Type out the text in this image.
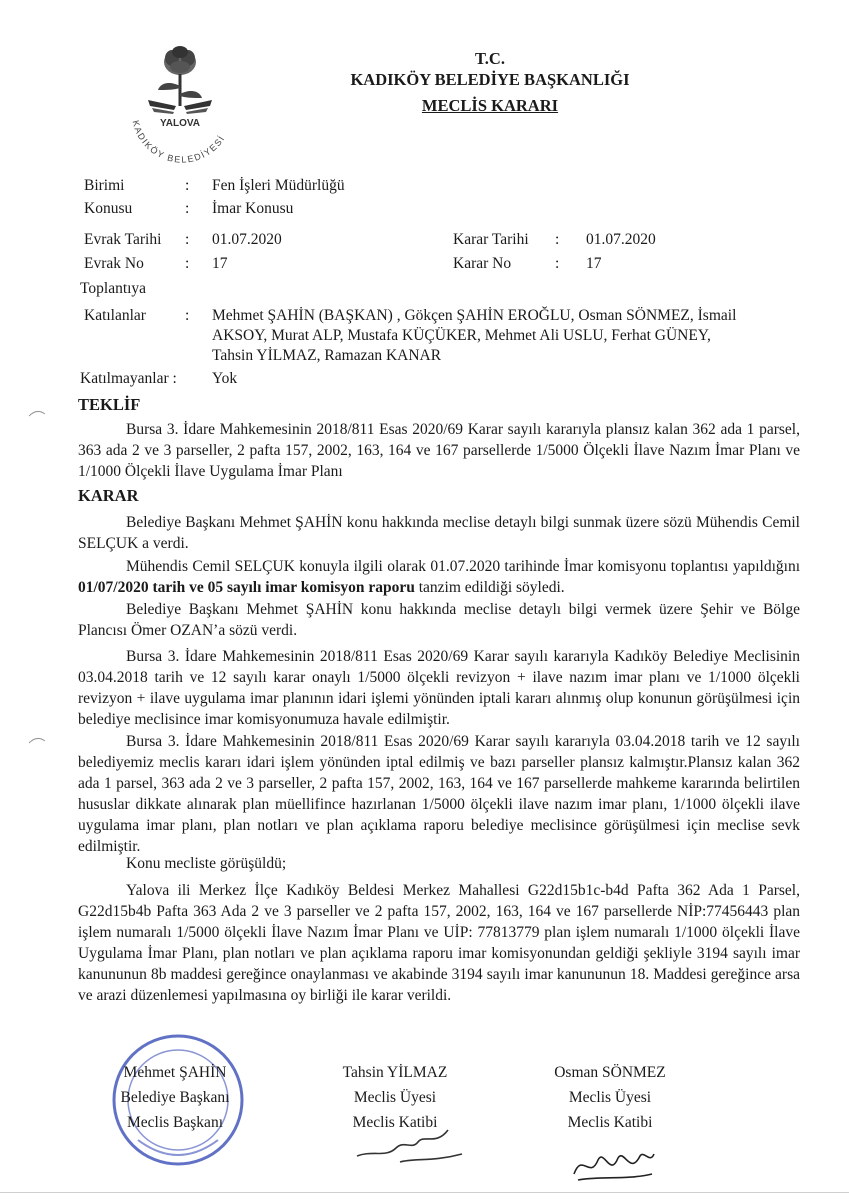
YALOVA
KADIKÖY BELEDİYESİ
T.C.
KADIKÖY BELEDİYE BAŞKANLIĞI
MECLİS KARARI
Birimi	: Fen İşleri Müdürlüğü
Konusu	: İmar Konusu
Evrak Tarihi : 01.07.2020	Karar Tarihi : 01.07.2020
Evrak No	: 17	Karar No	: 17
Toplantıya
Katılanlar	: Mehmet ŞAHİN (BAŞKAN) , Gökçen ŞAHİN EROĞLU, Osman SÖNMEZ, İsmail
AKSOY, Murat ALP, Mustafa KÜÇÜKER, Mehmet Ali USLU, Ferhat GÜNEY,
Tahsin YİLMAZ, Ramazan KANAR
Katılmayanlar : Yok
TEKLİF
Bursa 3. İdare Mahkemesinin 2018/811 Esas 2020/69 Karar sayılı kararıyla plansız kalan 362 ada 1 parsel, 363 ada 2 ve 3 parseller, 2 pafta 157, 2002, 163, 164 ve 167 parsellerde 1/5000 Ölçekli İlave Nazım İmar Planı ve 1/1000 Ölçekli İlave Uygulama İmar Planı
KARAR
Belediye Başkanı Mehmet ŞAHİN konu hakkında meclise detaylı bilgi sunmak üzere sözü Mühendis Cemil SELÇUK a verdi.
Mühendis Cemil SELÇUK konuyla ilgili olarak 01.07.2020 tarihinde İmar komisyonu toplantısı yapıldığını 01/07/2020 tarih ve 05 sayılı imar komisyon raporu tanzim edildiği söyledi.
Belediye Başkanı Mehmet ŞAHİN konu hakkında meclise detaylı bilgi vermek üzere Şehir ve Bölge Plancısı Ömer OZAN’a sözü verdi.
Bursa 3. İdare Mahkemesinin 2018/811 Esas 2020/69 Karar sayılı kararıyla Kadıköy Belediye Meclisinin 03.04.2018 tarih ve 12 sayılı karar onaylı 1/5000 ölçekli revizyon + ilave nazım imar planı ve 1/1000 ölçekli revizyon + ilave uygulama imar planının idari işlemi yönünden iptali kararı alınmış olup konunun görüşülmesi için belediye meclisince imar komisyonumuza havale edilmiştir.
Bursa 3. İdare Mahkemesinin 2018/811 Esas 2020/69 Karar sayılı kararıyla 03.04.2018 tarih ve 12 sayılı belediyemiz meclis kararı idari işlem yönünden iptal edilmiş ve bazı parseller plansız kalmıştır.Plansız kalan 362 ada 1 parsel, 363 ada 2 ve 3 parseller, 2 pafta 157, 2002, 163, 164 ve 167 parsellerde mahkeme kararında belirtilen hususlar dikkate alınarak plan müellifince hazırlanan 1/5000 ölçekli ilave nazım imar planı, 1/1000 ölçekli ilave uygulama imar planı, plan notları ve plan açıklama raporu belediye meclisince görüşülmesi için meclise sevk edilmiştir.
Konu mecliste görüşüldü;
Yalova ili Merkez İlçe Kadıköy Beldesi Merkez Mahallesi G22d15b1c-b4d Pafta 362 Ada 1 Parsel, G22d15b4b Pafta 363 Ada 2 ve 3 parseller ve 2 pafta 157, 2002, 163, 164 ve 167 parsellerde NİP:77456443 plan işlem numaralı 1/5000 ölçekli İlave Nazım İmar Planı ve UİP: 77813779 plan işlem numaralı 1/1000 ölçekli İlave Uygulama İmar Planı, plan notları ve plan açıklama raporu imar komisyonundan geldiği şekliyle 3194 sayılı imar kanununun 8b maddesi gereğince onaylanması ve akabinde 3194 sayılı imar kanununun 18. Maddesi gereğince arsa ve arazi düzenlemesi yapılmasına oy birliği ile karar verildi.
Mehmet ŞAHİN
Belediye Başkanı
Meclis Başkanı
Tahsin YİLMAZ
Meclis Üyesi
Meclis Katibi
Osman SÖNMEZ
Meclis Üyesi
Meclis Katibi
